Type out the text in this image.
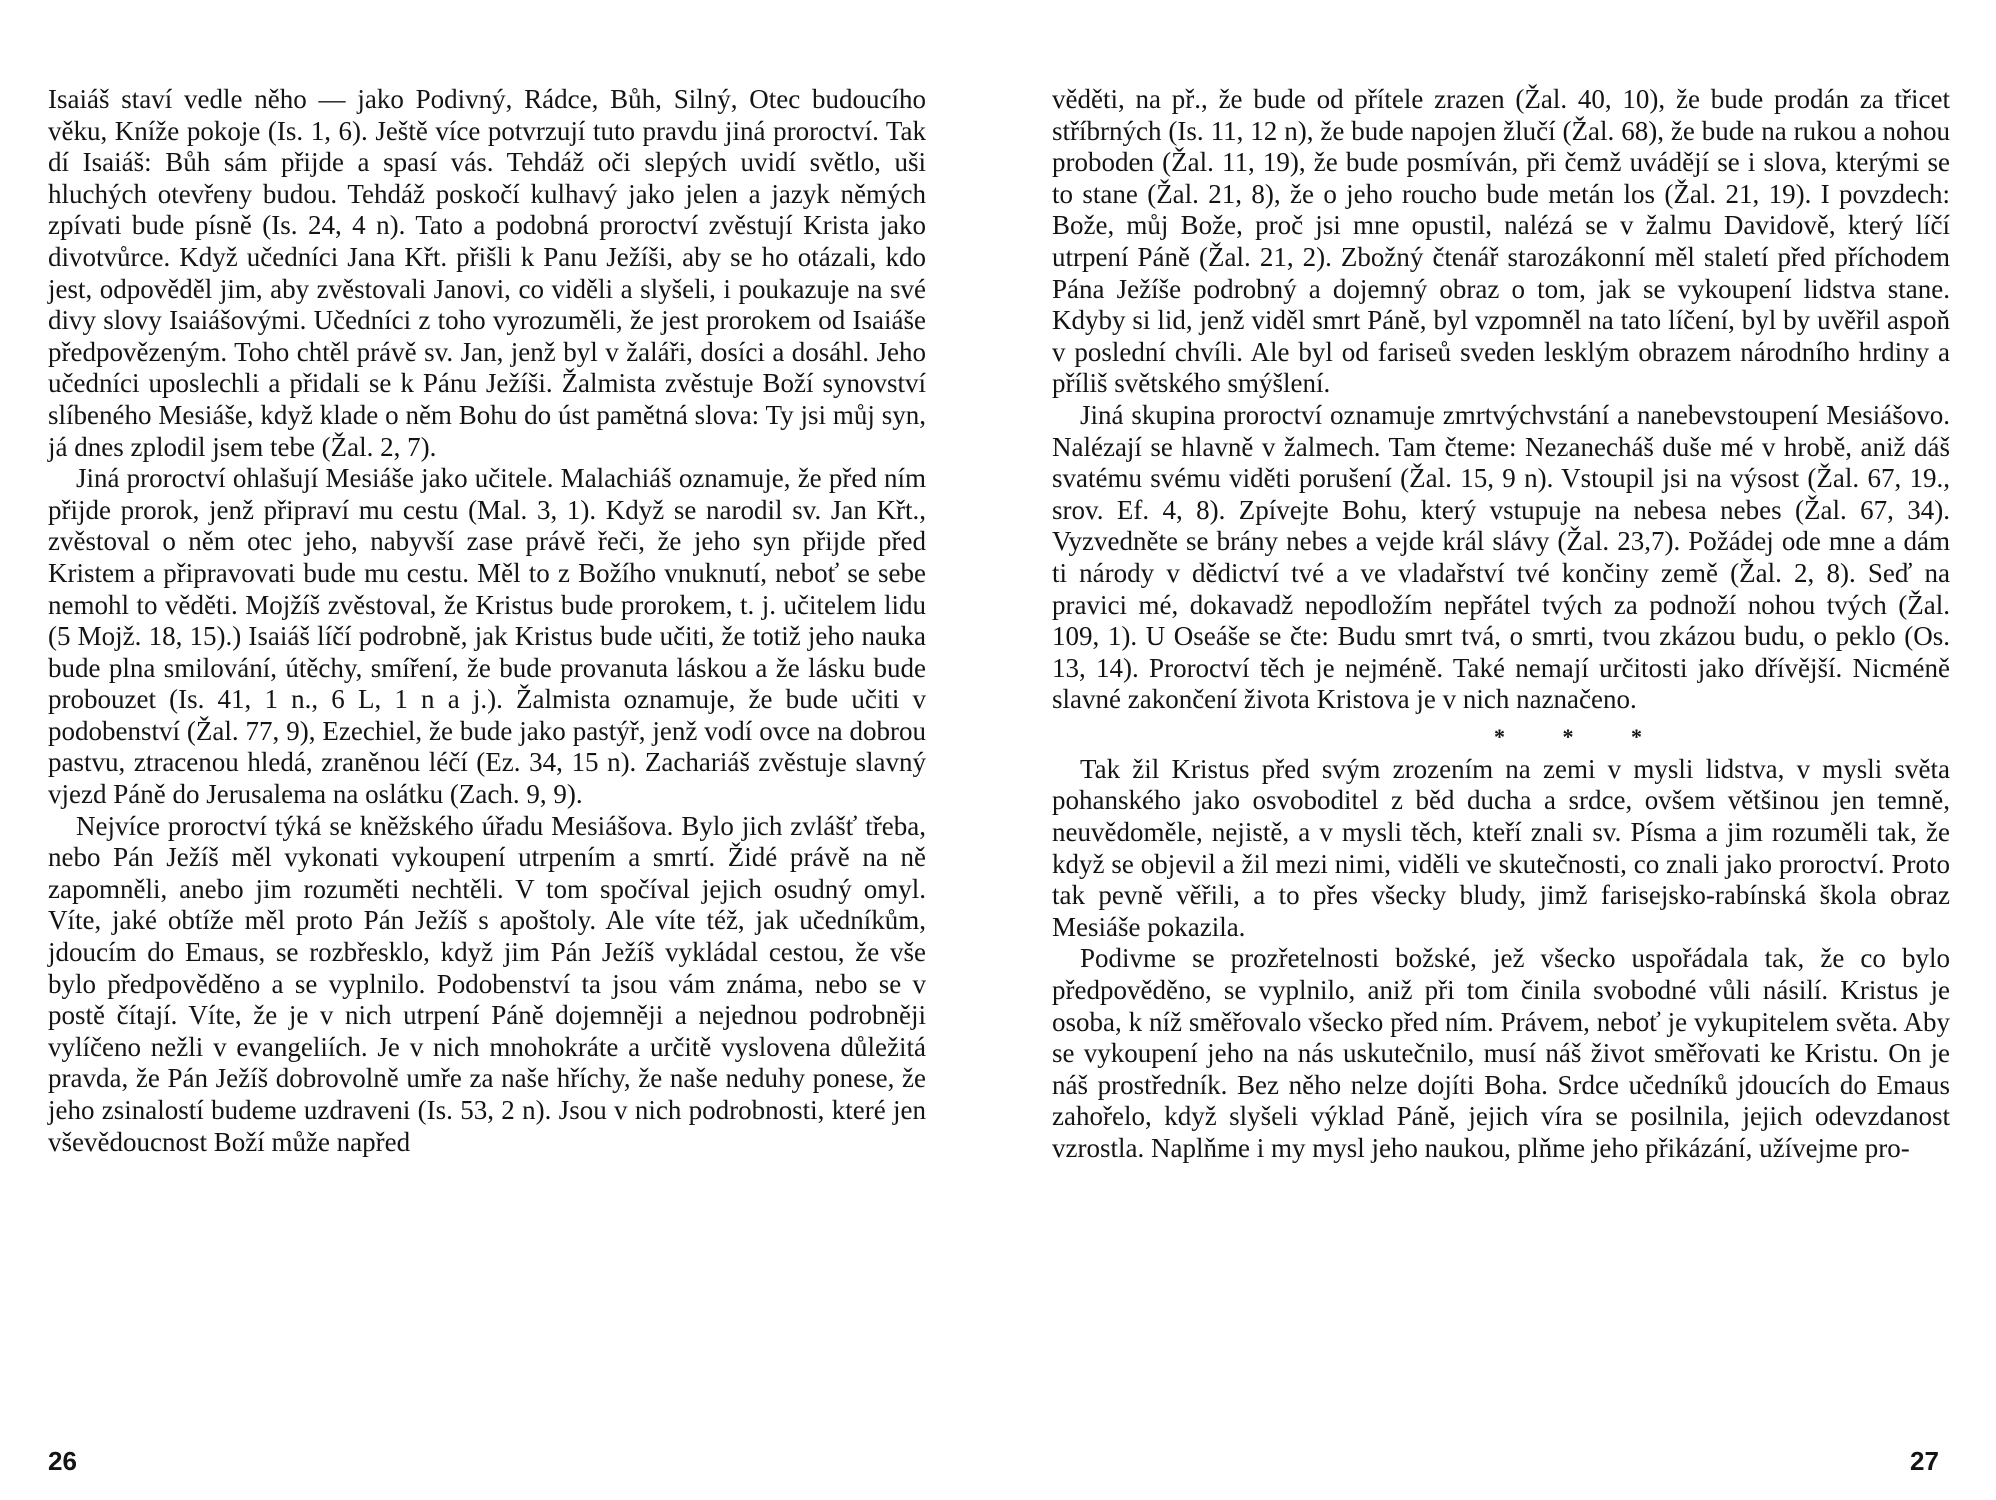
Isaiáš staví vedle něho — jako Podivný, Rádce, Bůh, Silný, Otec budoucího věku, Kníže pokoje (Is. 1, 6). Ještě více potvrzují tuto pravdu jiná proroctví. Tak dí Isaiáš: Bůh sám přijde a spasí vás. Tehdáž oči slepých uvidí světlo, uši hluchých otevřeny budou. Tehdáž poskočí kulhavý jako jelen a jazyk němých zpívati bude písně (Is. 24, 4 n). Tato a podobná proroctví zvěstují Krista jako divotvůrce. Když učedníci Jana Křt. přišli k Panu Ježíši, aby se ho otázali, kdo jest, odpověděl jim, aby zvěstovali Janovi, co viděli a slyšeli, i poukazuje na své divy slovy Isaiášovými. Učedníci z toho vyrozuměli, že jest prorokem od Isaiáše předpovězeným. Toho chtěl právě sv. Jan, jenž byl v žaláři, dosíci a dosáhl. Jeho učedníci uposlechli a přidali se k Pánu Ježíši. Žalmista zvěstuje Boží synovství slíbeného Mesiáše, když klade o něm Bohu do úst pamětná slova: Ty jsi můj syn, já dnes zplodil jsem tebe (Žal. 2, 7).

Jiná proroctví ohlašují Mesiáše jako učitele. Malachiáš oznamuje, že před ním přijde prorok, jenž připraví mu cestu (Mal. 3, 1). Když se narodil sv. Jan Křt., zvěstoval o něm otec jeho, nabyvší zase právě řeči, že jeho syn přijde před Kristem a připravovati bude mu cestu. Měl to z Božího vnuknutí, neboť se sebe nemohl to věděti. Mojžíš zvěstoval, že Kristus bude prorokem, t. j. učitelem lidu (5 Mojž. 18, 15).) Isaiáš líčí podrobně, jak Kristus bude učiti, že totiž jeho nauka bude plna smilování, útěchy, smíření, že bude provanuta láskou a že lásku bude probouzet (Is. 41, 1 n., 6 L, 1 n a j.). Žalmista oznamuje, že bude učiti v podobenství (Žal. 77, 9), Ezechiel, že bude jako pastýř, jenž vodí ovce na dobrou pastvu, ztracenou hledá, zraněnou léčí (Ez. 34, 15 n). Zachariáš zvěstuje slavný vjezd Páně do Jerusalema na oslátku (Zach. 9, 9).

Nejvíce proroctví týká se kněžského úřadu Mesiášova. Bylo jich zvlášť třeba, nebo Pán Ježíš měl vykonati vykoupení utrpením a smrtí. Židé právě na ně zapomněli, anebo jim rozuměti nechtěli. V tom spočíval jejich osudný omyl. Víte, jaké obtíže měl proto Pán Ježíš s apoštoly. Ale víte též, jak učedníkům, jdoucím do Emaus, se rozbřesklo, když jim Pán Ježíš vykládal cestou, že vše bylo předpověděno a se vyplnilo. Podobenství ta jsou vám známa, nebo se v postě čítají. Víte, že je v nich utrpení Páně dojemněji a nejednou podrobněji vylíčeno nežli v evangeliích. Je v nich mnohokráte a určitě vyslovena důležitá pravda, že Pán Ježíš dobrovolně umře za naše hříchy, že naše neduhy ponese, že jeho zsinalostí budeme uzdraveni (Is. 53, 2 n). Jsou v nich podrobnosti, které jen vševědoucnost Boží může napřed

věděti, na př., že bude od přítele zrazen (Žal. 40, 10), že bude prodán za třicet stříbrných (Is. 11, 12 n), že bude napojen žlučí (Žal. 68), že bude na rukou a nohou proboden (Žal. 11, 19), že bude posmíván, při čemž uvádějí se i slova, kterými se to stane (Žal. 21, 8), že o jeho roucho bude metán los (Žal. 21, 19). I povzdech: Bože, můj Bože, proč jsi mne opustil, nalézá se v žalmu Davidově, který líčí utrpení Páně (Žal. 21, 2). Zbožný čtenář starozákonní měl staletí před příchodem Pána Ježíše podrobný a dojemný obraz o tom, jak se vykoupení lidstva stane. Kdyby si lid, jenž viděl smrt Páně, byl vzpomněl na tato líčení, byl by uvěřil aspoň v poslední chvíli. Ale byl od fariseů sveden lesklým obrazem národního hrdiny a příliš světského smýšlení.

Jiná skupina proroctví oznamuje zmrtvýchvstání a nanebevstoupení Mesiášovo. Nalézají se hlavně v žalmech. Tam čteme: Nezanecháš duše mé v hrobě, aniž dáš svatému svému viděti porušení (Žal. 15, 9 n). Vstoupil jsi na výsost (Žal. 67, 19., srov. Ef. 4, 8). Zpívejte Bohu, který vstupuje na nebesa nebes (Žal. 67, 34). Vyzvedněte se brány nebes a vejde král slávy (Žal. 23,7). Požádej ode mne a dám ti národy v dědictví tvé a ve vladařství tvé končiny země (Žal. 2, 8). Seď na pravici mé, dokavadž nepodložím nepřátel tvých za podnoží nohou tvých (Žal. 109, 1). U Oseáše se čte: Budu smrt tvá, o smrti, tvou zkázou budu, o peklo (Os. 13, 14). Proroctví těch je nejméně. Také nemají určitosti jako dřívější. Nicméně slavné zakončení života Kristova je v nich naznačeno.

* * *

Tak žil Kristus před svým zrozením na zemi v mysli lidstva, v mysli světa pohanského jako osvoboditel z běd ducha a srdce, ovšem většinou jen temně, neuvědoměle, nejistě, a v mysli těch, kteří znali sv. Písma a jim rozuměli tak, že když se objevil a žil mezi nimi, viděli ve skutečnosti, co znali jako proroctví. Proto tak pevně věřili, a to přes všecky bludy, jimž farisejsko-rabínská škola obraz Mesiáše pokazila.

Podivme se prozřetelnosti božské, jež všecko uspořádala tak, že co bylo předpověděno, se vyplnilo, aniž při tom činila svobodné vůli násilí. Kristus je osoba, k níž směřovalo všecko před ním. Právem, neboť je vykupitelem světa. Aby se vykoupení jeho na nás uskutečnilo, musí náš život směřovati ke Kristu. On je náš prostředník. Bez něho nelze dojíti Boha. Srdce učedníků jdoucích do Emaus zahořelo, když slyšeli výklad Páně, jejich víra se posilnila, jejich odevzdanost vzrostla. Naplňme i my mysl jeho naukou, plňme jeho přikázání, užívejme pro-

26	27
